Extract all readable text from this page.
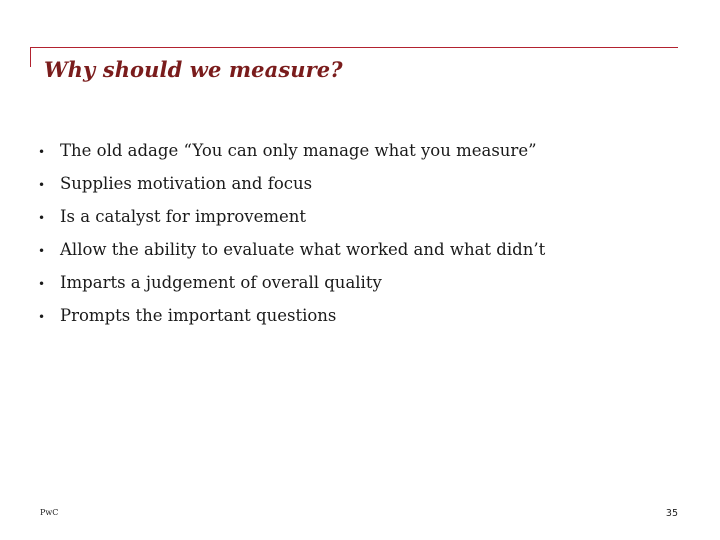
Why should we measure?
• The old adage “You can only manage what you measure”
• Supplies motivation and focus
• Is a catalyst for improvement
• Allow the ability to evaluate what worked and what didn’t
• Imparts a judgement of overall quality
• Prompts the important questions
PwC	35
